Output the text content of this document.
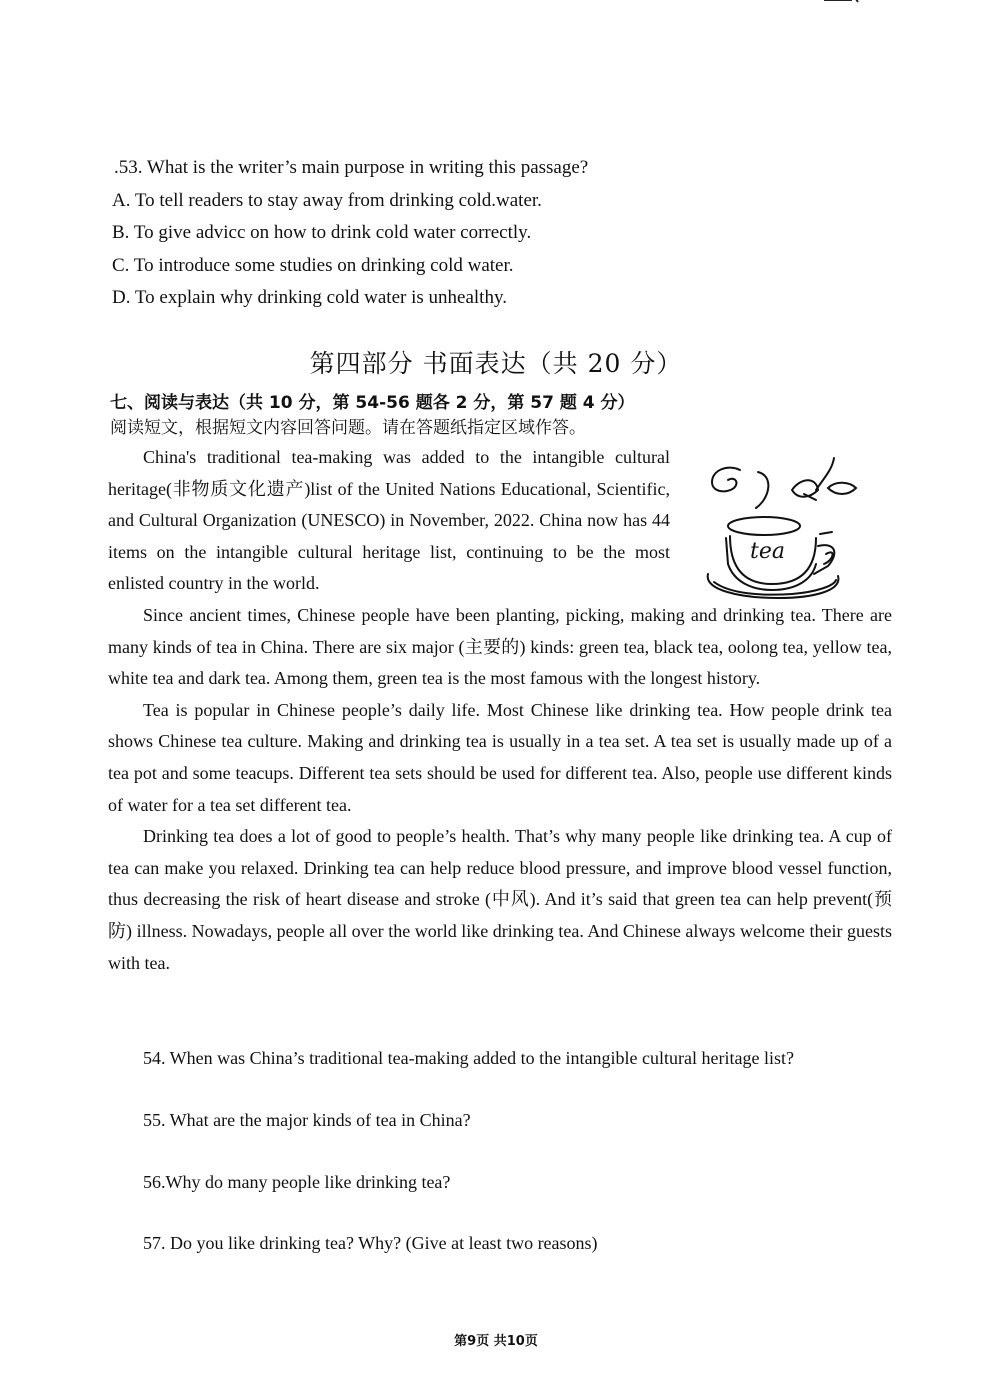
.53. What is the writer’s main purpose in writing this passage?
A. To tell readers to stay away from drinking cold.water.
B. To give advicc on how to drink cold water correctly.
C. To introduce some studies on drinking cold water.
D. To explain why drinking cold water is unhealthy.
第四部分 书面表达（共 20 分）
七、阅读与表达（共 10 分，第 54-56 题各 2 分，第 57 题 4 分）
阅读短文，根据短文内容回答问题。请在答题纸指定区域作答。

China's traditional tea-making was added to the intangible cultural heritage(非物质文化遗产)list of the United Nations Educational, Scientific, and Cultural Organization (UNESCO) in November, 2022. China now has 44 items on the intangible cultural heritage list, continuing to be the most enlisted country in the world.

Since ancient times, Chinese people have been planting, picking, making and drinking tea. There are many kinds of tea in China. There are six major (主要的) kinds: green tea, black tea, oolong tea, yellow tea, white tea and dark tea. Among them, green tea is the most famous with the longest history.

Tea is popular in Chinese people’s daily life. Most Chinese like drinking tea. How people drink tea shows Chinese tea culture. Making and drinking tea is usually in a tea set. A tea set is usually made up of a tea pot and some teacups. Different tea sets should be used for different tea. Also, people use different kinds of water for a tea set different tea.

Drinking tea does a lot of good to people’s health. That’s why many people like drinking tea. A cup of tea can make you relaxed. Drinking tea can help reduce blood pressure, and improve blood vessel function, thus decreasing the risk of heart disease and stroke (中风). And it’s said that green tea can help prevent(预防) illness. Nowadays, people all over the world like drinking tea. And Chinese always welcome their guests with tea.

tea
54. When was China’s traditional tea-making added to the intangible cultural heritage list?
55. What are the major kinds of tea in China?
56.Why do many people like drinking tea?
57. Do you like drinking tea? Why? (Give at least two reasons)
第9页 共10页
